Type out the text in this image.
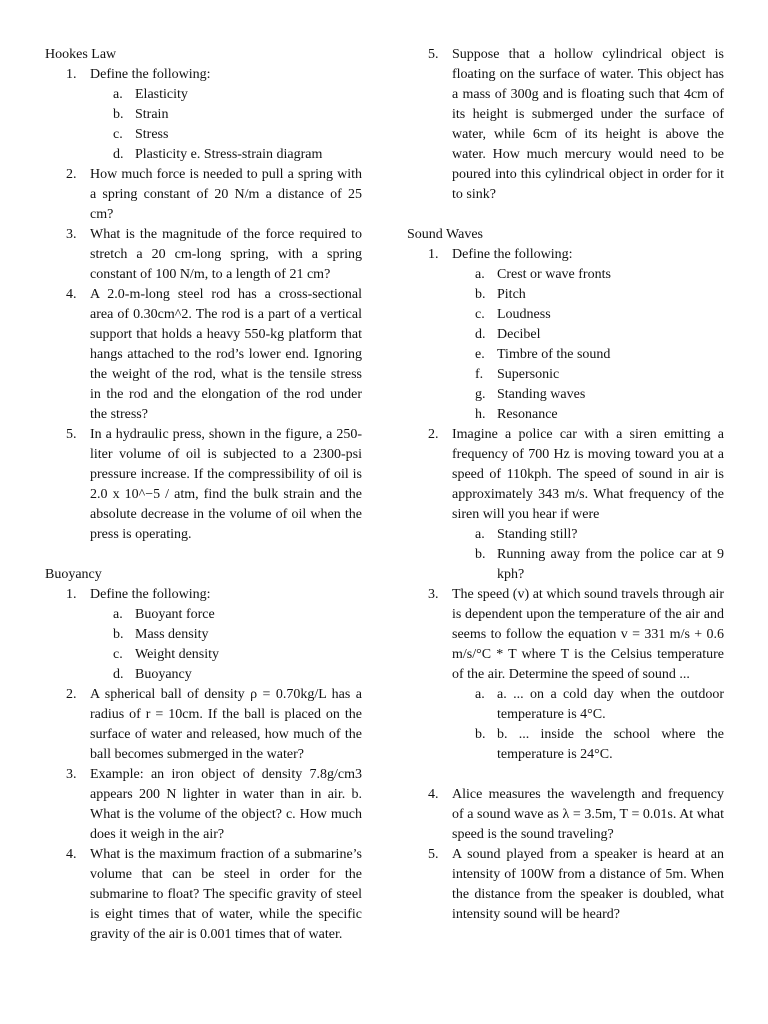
Hookes Law

1. Define the following:
a. Elasticity
b. Strain
c. Stress
d. Plasticity e. Stress-strain diagram
2. How much force is needed to pull a spring with a spring constant of 20 N/m a distance of 25 cm?
3. What is the magnitude of the force required to stretch a 20 cm-long spring, with a spring constant of 100 N/m, to a length of 21 cm?
4. A 2.0-m-long steel rod has a cross-sectional area of 0.30cm^2. The rod is a part of a vertical support that holds a heavy 550-kg platform that hangs attached to the rod’s lower end. Ignoring the weight of the rod, what is the tensile stress in the rod and the elongation of the rod under the stress?
5. In a hydraulic press, shown in the figure, a 250-liter volume of oil is subjected to a 2300-psi pressure increase. If the compressibility of oil is 2.0 x 10^−5 / atm, find the bulk strain and the absolute decrease in the volume of oil when the press is operating.

Buoyancy

1. Define the following:
a. Buoyant force
b. Mass density
c. Weight density
d. Buoyancy
2. A spherical ball of density ρ = 0.70kg/L has a radius of r = 10cm. If the ball is placed on the surface of water and released, how much of the ball becomes submerged in the water?
3. Example: an iron object of density 7.8g/cm3 appears 200 N lighter in water than in air. b. What is the volume of the object? c. How much does it weigh in the air?
4. What is the maximum fraction of a submarine’s volume that can be steel in order for the submarine to float? The specific gravity of steel is eight times that of water, while the specific gravity of the air is 0.001 times that of water.
5. Suppose that a hollow cylindrical object is floating on the surface of water. This object has a mass of 300g and is floating such that 4cm of its height is submerged under the surface of water, while 6cm of its height is above the water. How much mercury would need to be poured into this cylindrical object in order for it to sink?

Sound Waves

1. Define the following:
a. Crest or wave fronts
b. Pitch
c. Loudness
d. Decibel
e. Timbre of the sound
f. Supersonic
g. Standing waves
h. Resonance
2. Imagine a police car with a siren emitting a frequency of 700 Hz is moving toward you at a speed of 110kph. The speed of sound in air is approximately 343 m/s. What frequency of the siren will you hear if were
a. Standing still?
b. Running away from the police car at 9 kph?
3. The speed (v) at which sound travels through air is dependent upon the temperature of the air and seems to follow the equation v = 331 m/s + 0.6 m/s/°C * T where T is the Celsius temperature of the air. Determine the speed of sound ...
a. a. ... on a cold day when the outdoor temperature is 4°C.
b. b. ... inside the school where the temperature is 24°C.
4. Alice measures the wavelength and frequency of a sound wave as λ = 3.5m, T = 0.01s. At what speed is the sound traveling?
5. A sound played from a speaker is heard at an intensity of 100W from a distance of 5m. When the distance from the speaker is doubled, what intensity sound will be heard?
